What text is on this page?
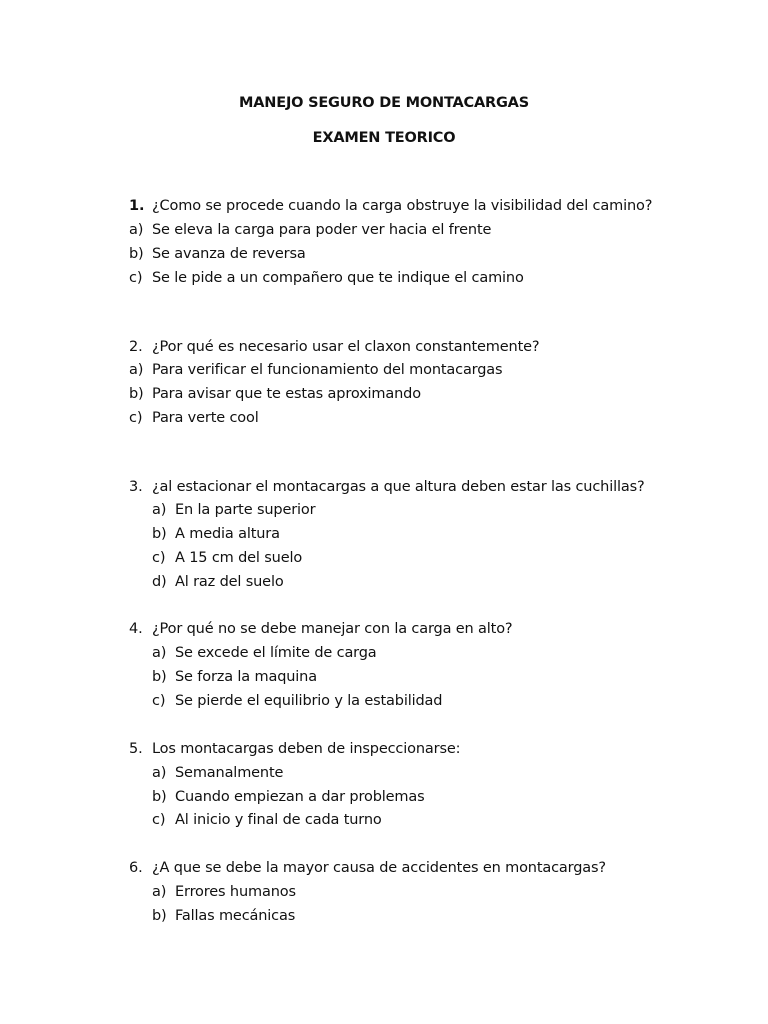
MANEJO SEGURO DE MONTACARGAS
EXAMEN TEORICO
1. ¿Como se procede cuando la carga obstruye la visibilidad del camino?
a) Se eleva la carga para poder ver hacia el frente
b) Se avanza de reversa
c) Se le pide a un compañero que te indique el camino
2. ¿Por qué es necesario usar el claxon constantemente?
a) Para verificar el funcionamiento del montacargas
b) Para avisar que te estas aproximando
c) Para verte cool
3. ¿al estacionar el montacargas a que altura deben estar las cuchillas?
a) En la parte superior
b) A media altura
c) A 15 cm del suelo
d) Al raz del suelo
4. ¿Por qué no se debe manejar con la carga en alto?
a) Se excede el límite de carga
b) Se forza la maquina
c) Se pierde el equilibrio y la estabilidad
5. Los montacargas deben de inspeccionarse:
a) Semanalmente
b) Cuando empiezan a dar problemas
c) Al inicio y final de cada turno
6. ¿A que se debe la mayor causa de accidentes en montacargas?
a) Errores humanos
b) Fallas mecánicas
